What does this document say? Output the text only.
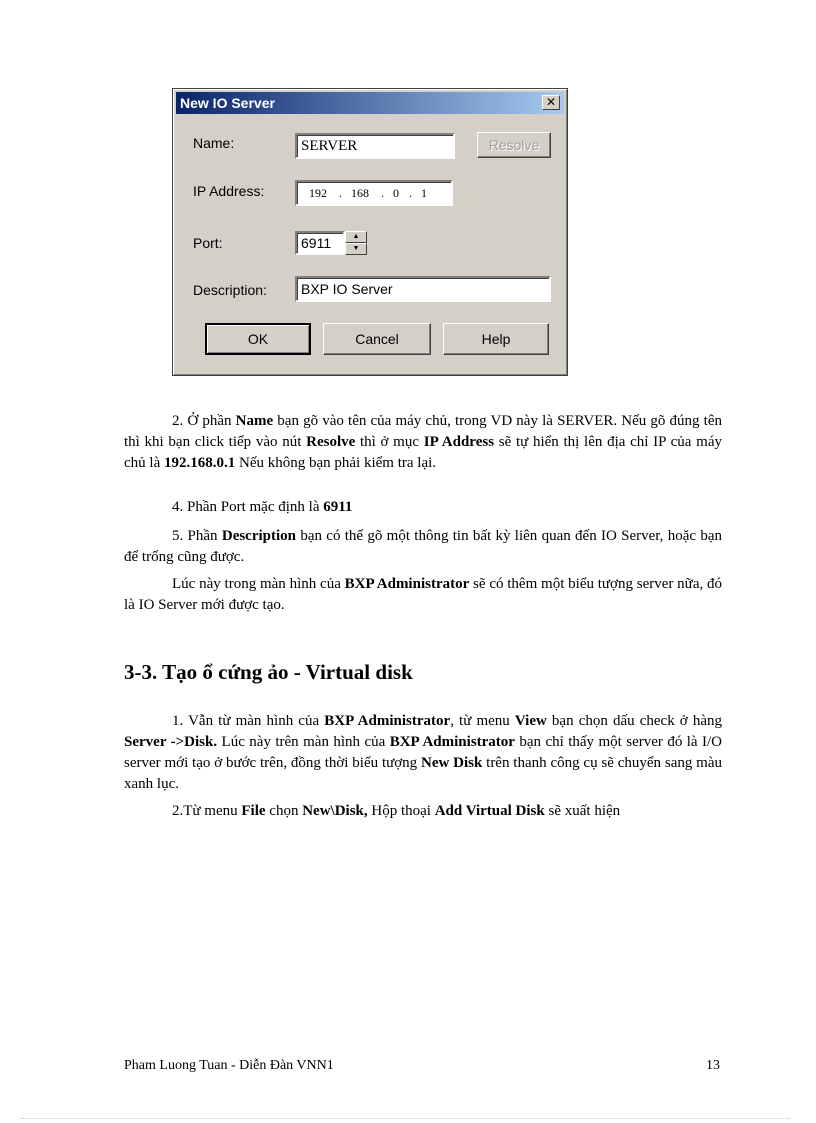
New IO Server	✕
Name:	SERVER	Resolve
IP Address:	192 . 168 . 0 . 1
Port:	6911	▲
▼
Description:	BXP IO Server
OK	Cancel	Help

2. Ở phần Name bạn gõ vào tên của máy chủ, trong VD này là SERVER. Nếu gõ đúng tên thì khi bạn click tiếp vào nút Resolve thì ở mục IP Address sẽ tự hiển thị lên địa chỉ IP của máy chủ là 192.168.0.1 Nếu không bạn phải kiểm tra lại.

4. Phần Port mặc định là 6911

5. Phần Description bạn có thể gõ một thông tin bất kỳ liên quan đến IO Server, hoặc bạn để trống cũng được.

Lúc này trong màn hình của BXP Administrator sẽ có thêm một biểu tượng server nữa, đó là IO Server mới được tạo.

3-3. Tạo ổ cứng ảo - Virtual disk

1. Vẫn từ màn hình của BXP Administrator, từ menu View bạn chọn dấu check ở hàng Server ->Disk. Lúc này trên màn hình của BXP Administrator bạn chỉ thấy một server đó là I/O server mới tạo ở bước trên, đồng thời biểu tượng New Disk trên thanh công cụ sẽ chuyển sang màu xanh lục.

2.Từ menu File chọn New\Disk, Hộp thoại Add Virtual Disk sẽ xuất hiện

Pham Luong Tuan - Diễn Đàn VNN1	13
